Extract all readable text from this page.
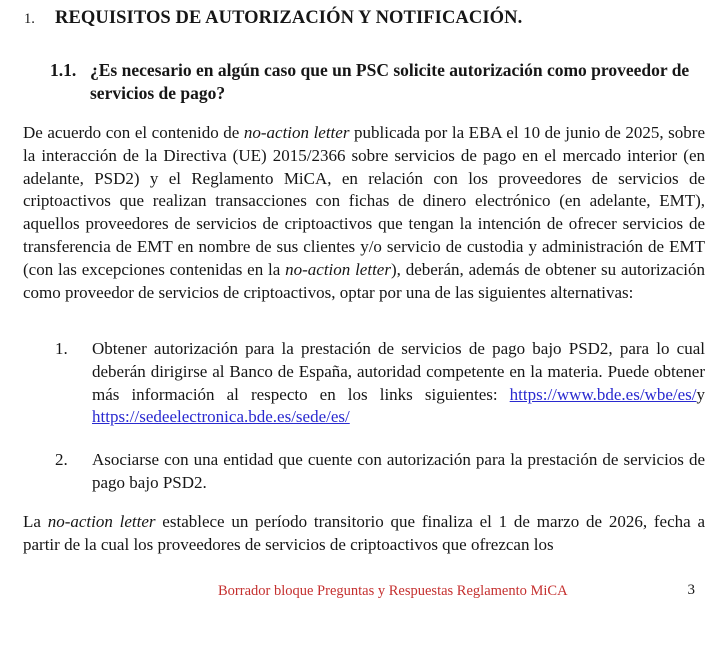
1.	REQUISITOS DE AUTORIZACIÓN Y NOTIFICACIÓN.
1.1. ¿Es necesario en algún caso que un PSC solicite autorización como proveedor de servicios de pago?

De acuerdo con el contenido de no-action letter publicada por la EBA el 10 de junio de 2025, sobre la interacción de la Directiva (UE) 2015/2366 sobre servicios de pago en el mercado interior (en adelante, PSD2) y el Reglamento MiCA, en relación con los proveedores de servicios de criptoactivos que realizan transacciones con fichas de dinero electrónico (en adelante, EMT), aquellos proveedores de servicios de criptoactivos que tengan la intención de ofrecer servicios de transferencia de EMT en nombre de sus clientes y/o servicio de custodia y administración de EMT (con las excepciones contenidas en la no-action letter), deberán, además de obtener su autorización como proveedor de servicios de criptoactivos, optar por una de las siguientes alternativas:

1.	Obtener autorización para la prestación de servicios de pago bajo PSD2, para lo cual deberán dirigirse al Banco de España, autoridad competente en la materia. Puede obtener más información al respecto en los links siguientes: https://www.bde.es/wbe/es/y https://sedeelectronica.bde.es/sede/es/
2.	Asociarse con una entidad que cuente con autorización para la prestación de servicios de pago bajo PSD2.

La no-action letter establece un período transitorio que finaliza el 1 de marzo de 2026, fecha a partir de la cual los proveedores de servicios de criptoactivos que ofrezcan los

Borrador bloque Preguntas y Respuestas Reglamento MiCA	3
